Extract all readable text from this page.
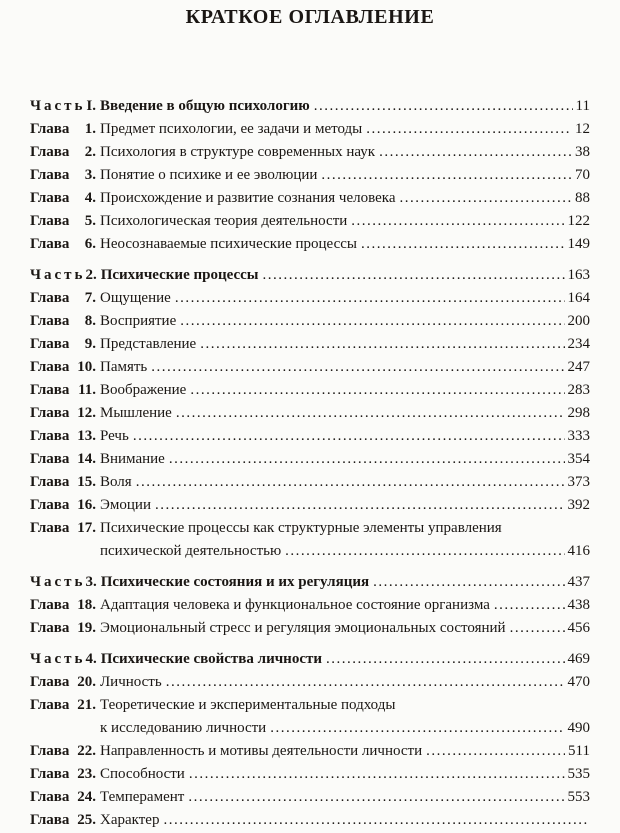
КРАТКОЕ ОГЛАВЛЕНИЕ
Часть I. Введение в общую психологию .....	11
Глава 1. Предмет психологии, ее задачи и методы .....	12
Глава 2. Психология в структуре современных наук .....	38
Глава 3. Понятие о психике и ее эволюции .....	70
Глава 4. Происхождение и развитие сознания человека .....	88
Глава 5. Психологическая теория деятельности .....	122
Глава 6. Неосознаваемые психические процессы .....	149
Часть 2. Психические процессы .....	163
Глава 7. Ощущение .....	164
Глава 8. Восприятие .....	200
Глава 9. Представление .....	234
Глава 10. Память .....	247
Глава 11. Воображение .....	283
Глава 12. Мышление .....	298
Глава 13. Речь .....	333
Глава 14. Внимание .....	354
Глава 15. Воля .....	373
Глава 16. Эмоции .....	392
Глава 17. Психические процессы как структурные элементы управления
психической деятельностью .....	416
Часть 3. Психические состояния и их регуляция .....	437
Глава 18. Адаптация человека и функциональное состояние организма .....	438
Глава 19. Эмоциональный стресс и регуляция эмоциональных состояний .....	456
Часть 4. Психические свойства личности .....	469
Глава 20. Личность .....	470
Глава 21. Теоретические и экспериментальные подходы
к исследованию личности .....	490
Глава 22. Направленность и мотивы деятельности личности .....	511
Глава 23. Способности .....	535
Глава 24. Темперамент .....	553
Глава 25. Характер
.....
